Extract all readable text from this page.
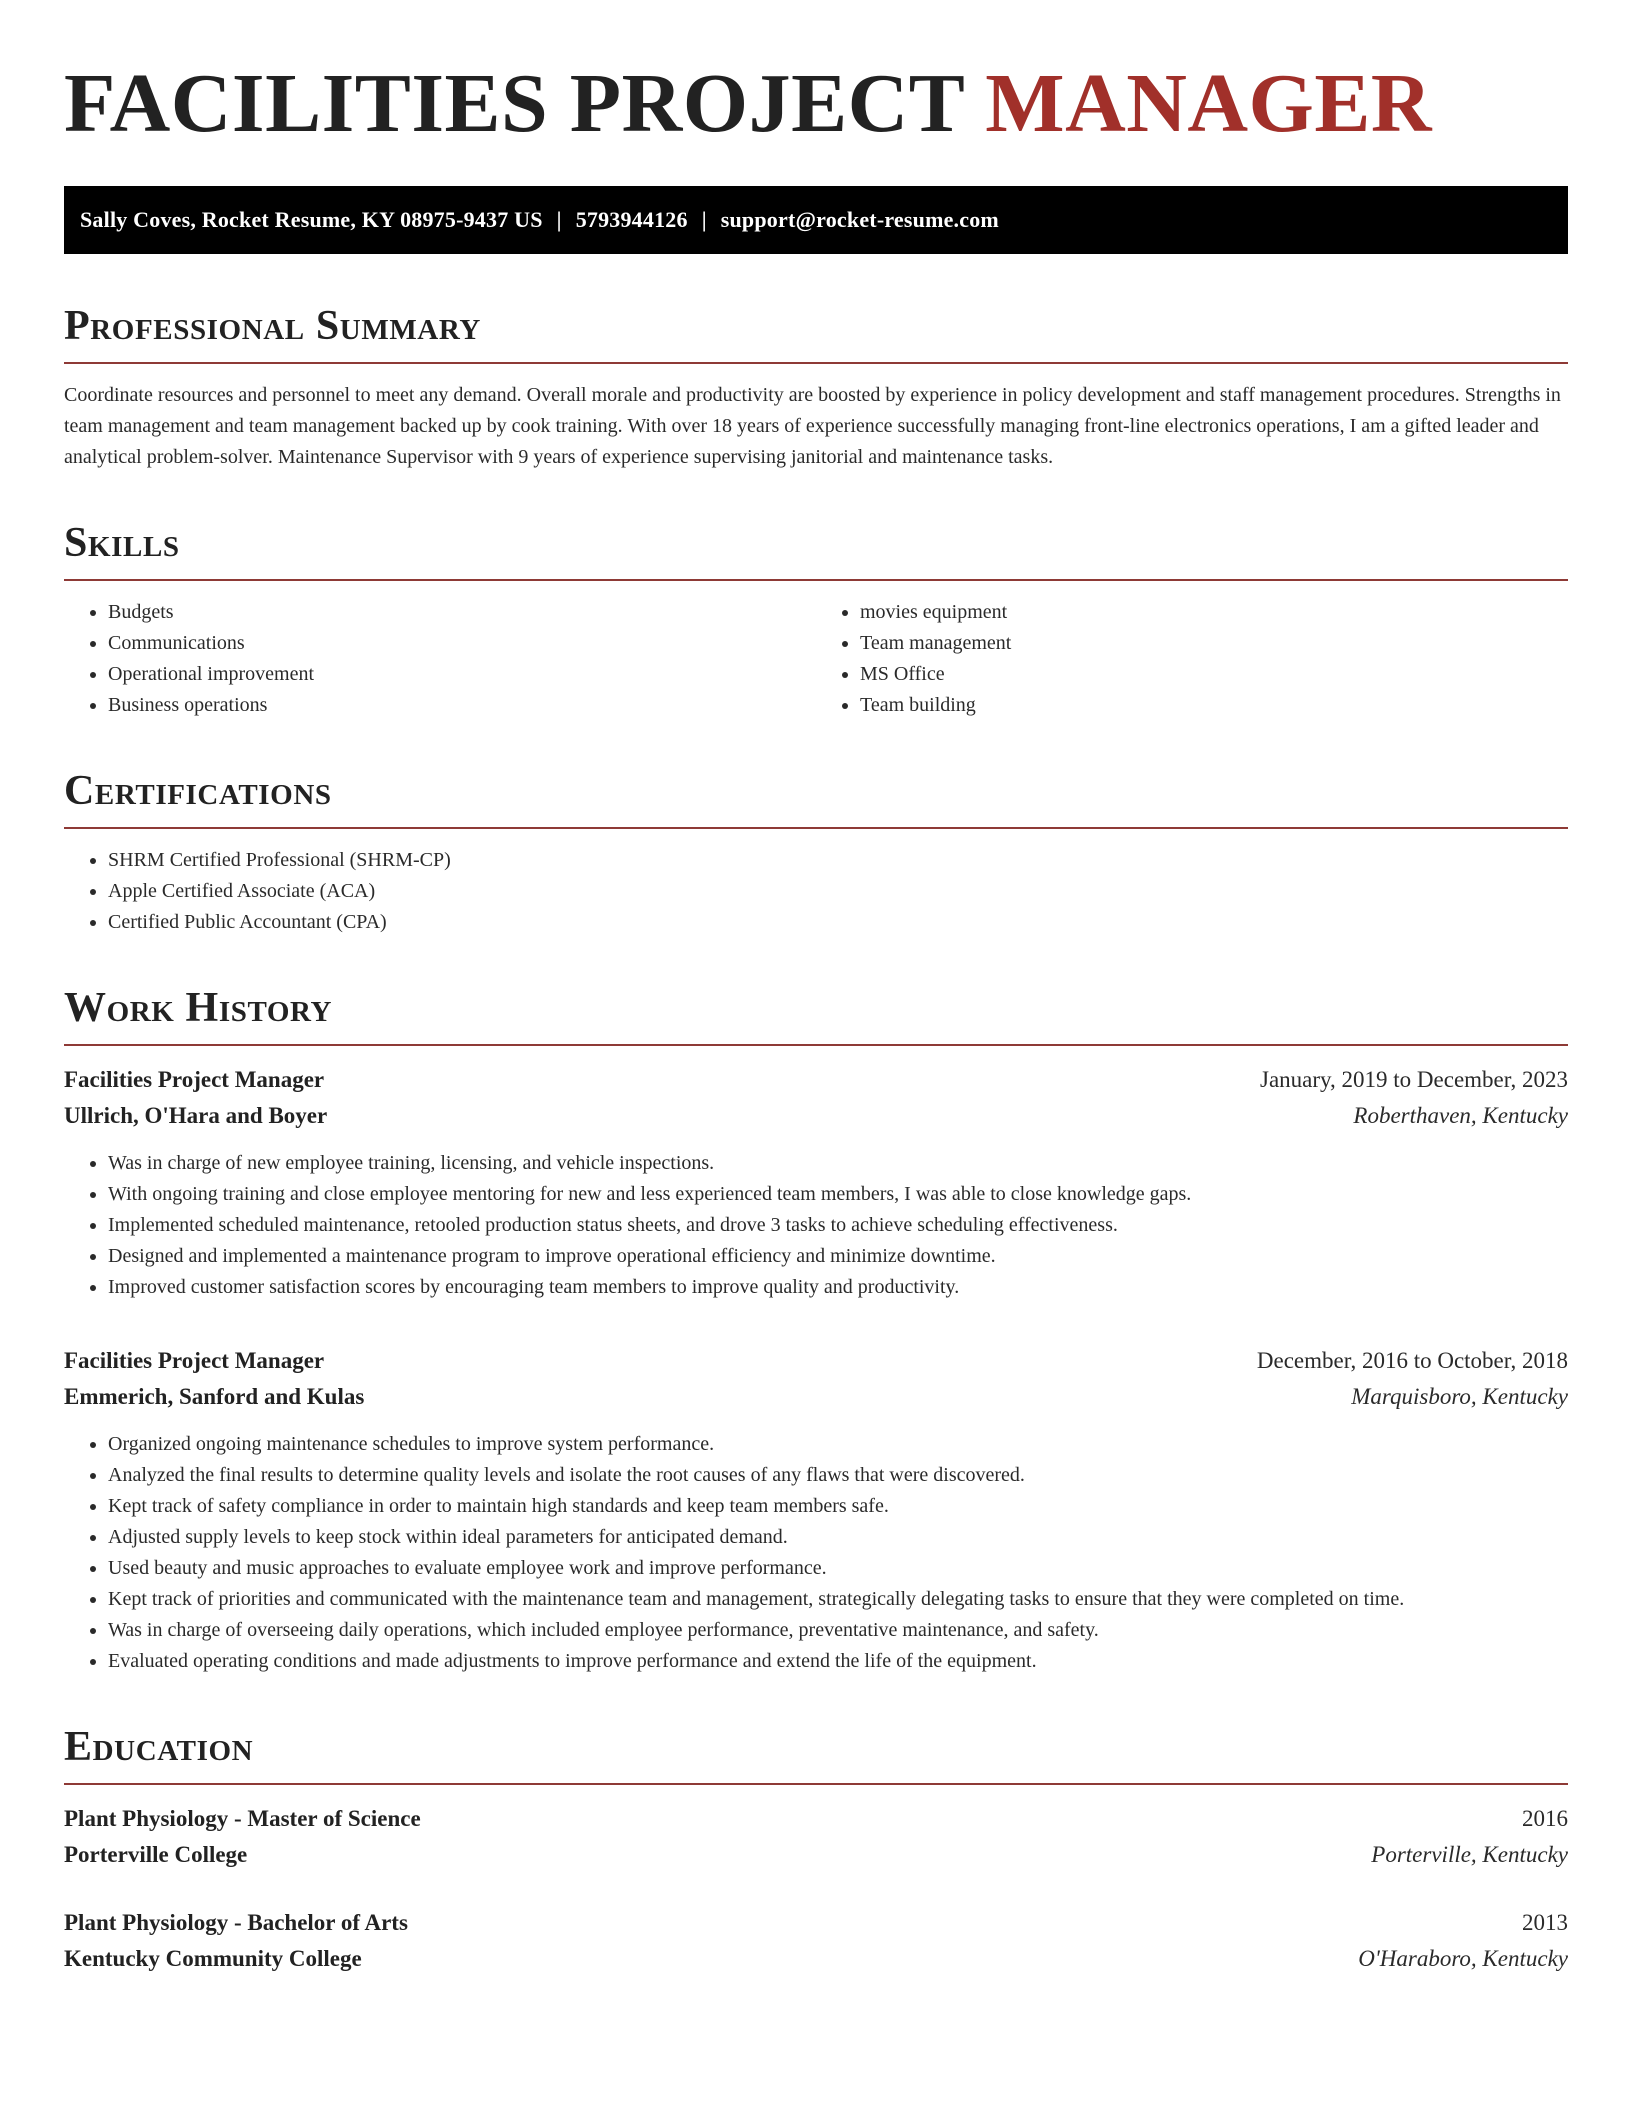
FACILITIES PROJECT MANAGER
Sally Coves, Rocket Resume, KY 08975-9437 US | 5793944126 | support@rocket-resume.com
Professional Summary

Coordinate resources and personnel to meet any demand. Overall morale and productivity are boosted by experience in policy development and staff management procedures. Strengths in team management and team management backed up by cook training. With over 18 years of experience successfully managing front-line electronics operations, I am a gifted leader and analytical problem-solver. Maintenance Supervisor with 9 years of experience supervising janitorial and maintenance tasks.

Skills
• Budgets
• Communications
• Operational improvement
• Business operations
• movies equipment
• Team management
• MS Office
• Team building
Certifications
• SHRM Certified Professional (SHRM-CP)
• Apple Certified Associate (ACA)
• Certified Public Accountant (CPA)
Work History
Facilities Project Manager	January, 2019 to December, 2023
Ullrich, O'Hara and Boyer	Roberthaven, Kentucky
• Was in charge of new employee training, licensing, and vehicle inspections.
• With ongoing training and close employee mentoring for new and less experienced team members, I was able to close knowledge gaps.
• Implemented scheduled maintenance, retooled production status sheets, and drove 3 tasks to achieve scheduling effectiveness.
• Designed and implemented a maintenance program to improve operational efficiency and minimize downtime.
• Improved customer satisfaction scores by encouraging team members to improve quality and productivity.
Facilities Project Manager	December, 2016 to October, 2018
Emmerich, Sanford and Kulas	Marquisboro, Kentucky
• Organized ongoing maintenance schedules to improve system performance.
• Analyzed the final results to determine quality levels and isolate the root causes of any flaws that were discovered.
• Kept track of safety compliance in order to maintain high standards and keep team members safe.
• Adjusted supply levels to keep stock within ideal parameters for anticipated demand.
• Used beauty and music approaches to evaluate employee work and improve performance.
• Kept track of priorities and communicated with the maintenance team and management, strategically delegating tasks to ensure that they were completed on time.
• Was in charge of overseeing daily operations, which included employee performance, preventative maintenance, and safety.
• Evaluated operating conditions and made adjustments to improve performance and extend the life of the equipment.
Education
Plant Physiology - Master of Science	2016
Porterville College	Porterville, Kentucky
Plant Physiology - Bachelor of Arts	2013
Kentucky Community College	O'Haraboro, Kentucky
